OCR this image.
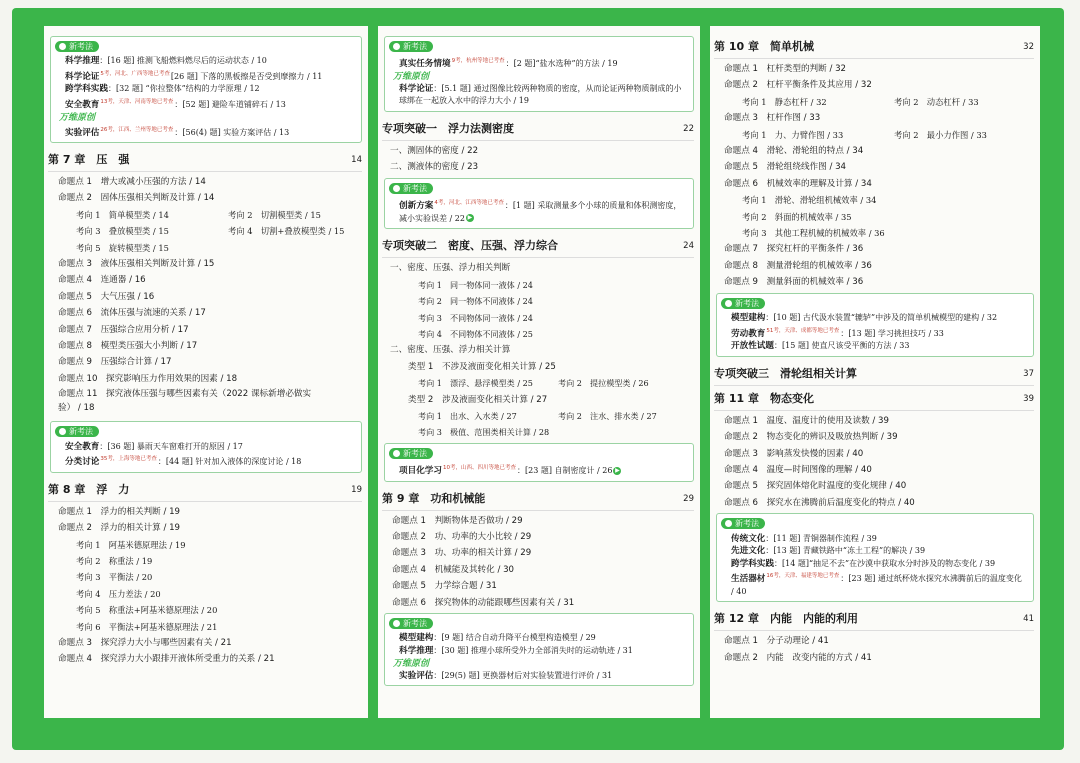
新考法
科学推理：[16 题] 推测飞船燃料燃尽后的运动状态 / 10
科学论证$^{5考,河北、广西等地已考查}$[26 题] 下落的黑板擦是否受到摩擦力 / 11
跨学科实践：[32 题] “你拉整体”结构的力学原理 / 12
安全教育$^{13考,天津、河南等地已考查}$：[52 题] 避险车道铺碎石 / 13
万维原创
实验评估$^{26考,江西、兰州等地已考查}$：[56(4) 题] 实验方案评估 / 13
第 7 章　压　强	14
命题点 1　增大或减小压强的方法 / 14
命题点 2　固体压强相关判断及计算 / 14
考向 1　简单模型类 / 14	考向 2　切割模型类 / 15
考向 3　叠放模型类 / 15	考向 4　切割+叠放模型类 / 15
考向 5　旋转模型类 / 15
命题点 3　液体压强相关判断及计算 / 15
命题点 4　连通器 / 16
命题点 5　大气压强 / 16
命题点 6　流体压强与流速的关系 / 17
命题点 7　压强综合应用分析 / 17
命题点 8　模型类压强大小判断 / 17
命题点 9　压强综合计算 / 17
命题点 10　探究影响压力作用效果的因素 / 18
命题点 11　探究液体压强与哪些因素有关（2022 课标新增必做实验） / 18
新考法
安全教育：[36 题] 暴雨天车窗难打开的原因 / 17
分类讨论$^{35考,上海等地已考查}$：[44 题] 针对加入液体的深度讨论 / 18
第 8 章　浮　力	19
命题点 1　浮力的相关判断 / 19
命题点 2　浮力的相关计算 / 19
考向 1　阿基米德原理法 / 19
考向 2　称重法 / 19
考向 3　平衡法 / 20
考向 4　压力差法 / 20
考向 5　称重法+阿基米德原理法 / 20
考向 6　平衡法+阿基米德原理法 / 21
命题点 3　探究浮力大小与哪些因素有关 / 21
命题点 4　探究浮力大小跟排开液体所受重力的关系 / 21
新考法
真实任务情境$^{9考,杭州等地已考查}$：[2 题]“盐水选种”的方法 / 19
万维原创
科学论证：[5.1 题] 通过图像比较两种物质的密度，从而论证两种物质制成的小球绑在一起放入水中的浮力大小 / 19
专项突破一　浮力法测密度	22
一、测固体的密度 / 22
二、测液体的密度 / 23
新考法
创新方案$^{4考,河北、江西等地已考查}$：[1 题] 采取测量多个小球的质量和体积测密度，减小实验误差 / 22 ▶
专项突破二　密度、压强、浮力综合	24
一、密度、压强、浮力相关判断
考向 1　同一物体同一液体 / 24
考向 2　同一物体不同液体 / 24
考向 3　不同物体同一液体 / 24
考向 4　不同物体不同液体 / 25
二、密度、压强、浮力相关计算
类型 1　不涉及液面变化相关计算 / 25
考向 1　漂浮、悬浮模型类 / 25	考向 2　提拉模型类 / 26
类型 2　涉及液面变化相关计算 / 27
考向 1　出水、入水类 / 27	考向 2　注水、排水类 / 27
考向 3　极值、范围类相关计算 / 28
新考法
项目化学习$^{10考,山西、四川等地已考查}$：[23 题] 自制密度计 / 26 ▶
第 9 章　功和机械能	29
命题点 1　判断物体是否做功 / 29
命题点 2　功、功率的大小比较 / 29
命题点 3　功、功率的相关计算 / 29
命题点 4　机械能及其转化 / 30
命题点 5　力学综合题 / 31
命题点 6　探究物体的动能跟哪些因素有关 / 31
新考法
模型建构：[9 题] 结合自动升降平台模型构造模型 / 29
科学推理：[30 题] 推理小球所受外力全部消失时的运动轨迹 / 31
万维原创
实验评估：[29(5) 题] 更换器材后对实验装置进行评价 / 31
第 10 章　简单机械	32
命题点 1　杠杆类型的判断 / 32
命题点 2　杠杆平衡条件及其应用 / 32
考向 1　静态杠杆 / 32	考向 2　动态杠杆 / 33
命题点 3　杠杆作图 / 33
考向 1　力、力臂作图 / 33	考向 2　最小力作图 / 33
命题点 4　滑轮、滑轮组的特点 / 34
命题点 5　滑轮组绕线作图 / 34
命题点 6　机械效率的理解及计算 / 34
考向 1　滑轮、滑轮组机械效率 / 34
考向 2　斜面的机械效率 / 35
考向 3　其他工程机械的机械效率 / 36
命题点 7　探究杠杆的平衡条件 / 36
命题点 8　测量滑轮组的机械效率 / 36
命题点 9　测量斜面的机械效率 / 36
新考法
模型建构：[10 题] 古代汲水装置“辘轳”中涉及的简单机械模型的建构 / 32
劳动教育$^{51考,天津、成都等地已考查}$：[13 题] 学习挑担技巧 / 33
开放性试题：[15 题] 使直尺该受平衡的方法 / 33
专项突破三　滑轮组相关计算	37
第 11 章　物态变化	39
命题点 1　温度、温度计的使用及读数 / 39
命题点 2　物态变化的辨识及吸放热判断 / 39
命题点 3　影响蒸发快慢的因素 / 40
命题点 4　温度—时间图像的理解 / 40
命题点 5　探究固体熔化时温度的变化规律 / 40
命题点 6　探究水在沸腾前后温度变化的特点 / 40
新考法
传统文化：[11 题] 青铜器制作流程 / 39
先进文化：[13 题] 青藏铁路中“冻土工程”的解决 / 39
跨学科实践：[14 题]“抽足不去”在沙漠中获取水分时涉及的物态变化 / 39
生活器材$^{16考,天津、福建等地已考查}$：[23 题] 通过纸杯烧水探究水沸腾前后的温度变化 / 40
第 12 章　内能　内能的利用	41
命题点 1　分子动理论 / 41
命题点 2　内能　改变内能的方式 / 41
